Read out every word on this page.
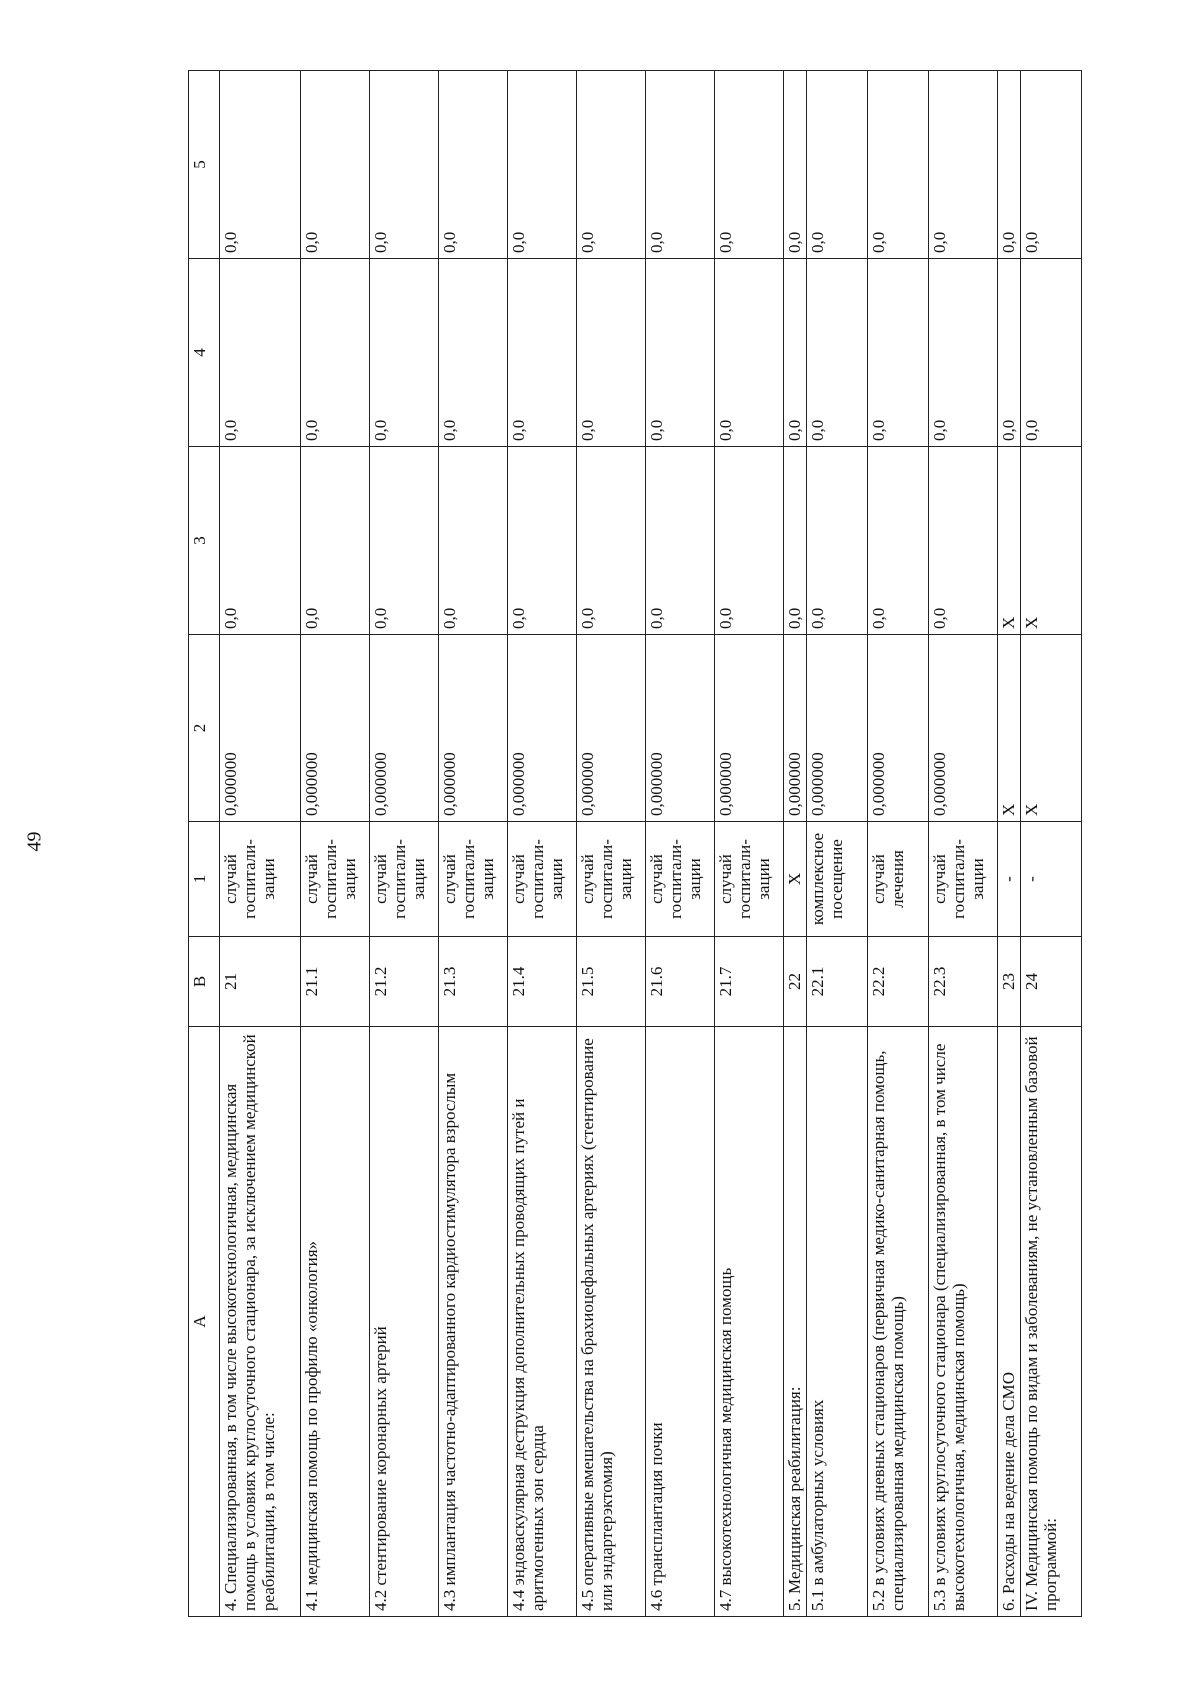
49
А	В	1	2	3	4	5
4. Специализированная, в том числе высокотехнологичная, медицинская помощь в условиях круглосуточного стационара, за исключением медицинской реабилитации, в том числе:	21	случай госпитали-зации	0,000000	0,0	0,0	0,0
4.1 медицинская помощь по профилю «онкология»	21.1	случай госпитали-зации	0,000000	0,0	0,0	0,0
4.2 стентирование коронарных артерий	21.2	случай госпитали-зации	0,000000	0,0	0,0	0,0
4.3 имплантация частотно-адаптированного кардиостимулятора взрослым	21.3	случай госпитали-зации	0,000000	0,0	0,0	0,0
4.4 эндоваскулярная деструкция дополнительных проводящих путей и аритмогенных зон сердца	21.4	случай госпитали-зации	0,000000	0,0	0,0	0,0
4.5 оперативные вмешательства на брахиоцефальных артериях (стентирование или эндартерэктомия)	21.5	случай госпитали-зации	0,000000	0,0	0,0	0,0
4.6 трансплантация почки	21.6	случай госпитали-зации	0,000000	0,0	0,0	0,0
4.7 высокотехнологичная медицинская помощь	21.7	случай госпитали-зации	0,000000	0,0	0,0	0,0
5. Медицинская реабилитация:	22	Х	0,000000	0,0	0,0	0,0
5.1 в амбулаторных условиях	22.1	комплексное посещение	0,000000	0,0	0,0	0,0
5.2 в условиях дневных стационаров (первичная медико-санитарная помощь, специализированная медицинская помощь)	22.2	случай лечения	0,000000	0,0	0,0	0,0
5.3 в условиях круглосуточного стационара (специализированная, в том числе высокотехнологичная, медицинская помощь)	22.3	случай госпитали-зации	0,000000	0,0	0,0	0,0
6. Расходы на ведение дела СМО	23	-	Х	Х	0,0	0,0
IV. Медицинская помощь по видам и заболеваниям, не установленным базовой программой:	24	-	Х	Х	0,0	0,0
